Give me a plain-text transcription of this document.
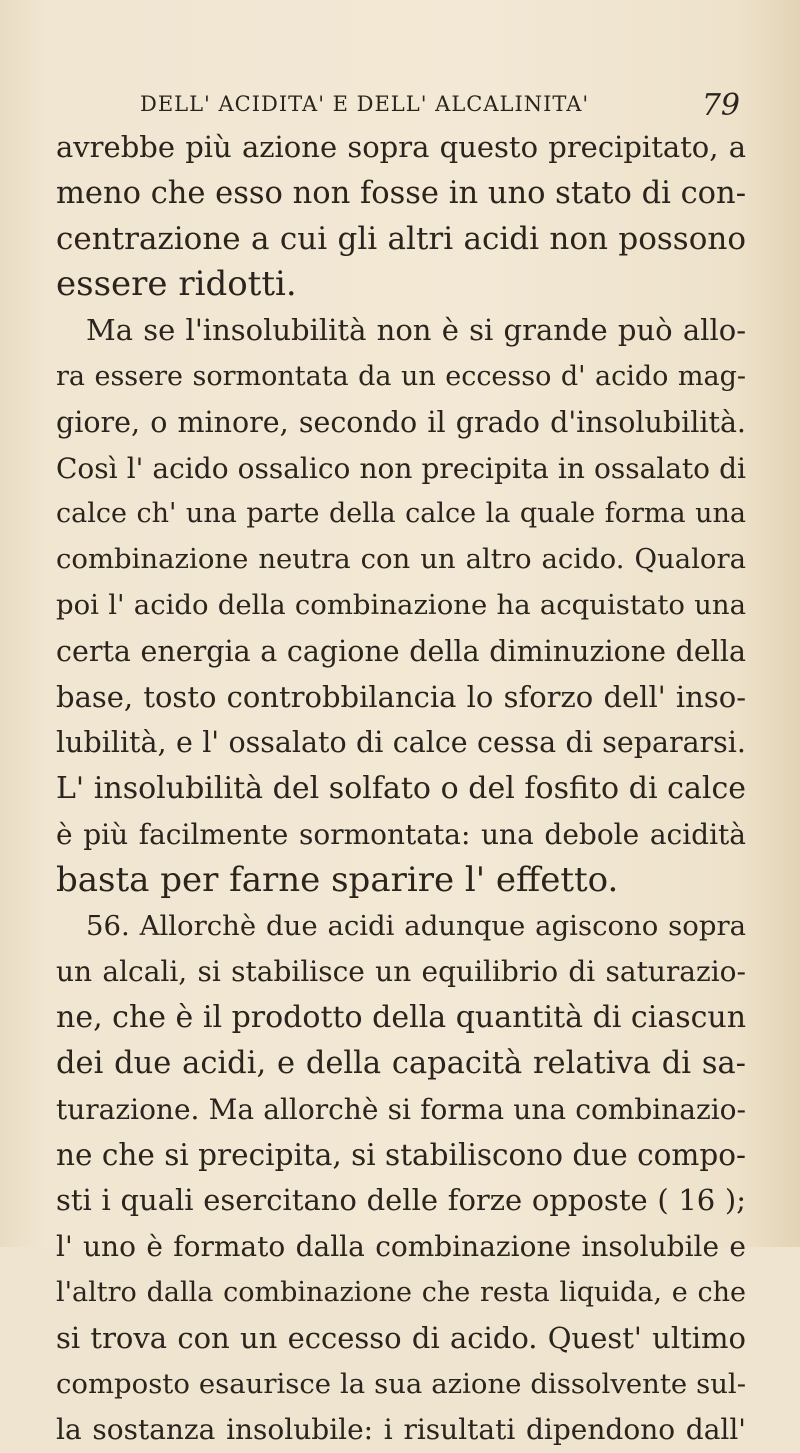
DELL' ACIDITA' E DELL' ALCALINITA'	79
avrebbe più azione sopra questo precipitato, a
meno che esso non fosse in uno stato di con-
centrazione a cui gli altri acidi non possono
essere ridotti.
Ma se l'insolubilità non è si grande può allo-
ra essere sormontata da un eccesso d' acido mag-
giore, o minore, secondo il grado d'insolubilità.
Così l' acido ossalico non precipita in ossalato di
calce ch' una parte della calce la quale forma una
combinazione neutra con un altro acido. Qualora
poi l' acido della combinazione ha acquistato una
certa energia a cagione della diminuzione della
base, tosto controbbilancia lo sforzo dell' inso-
lubilità, e l' ossalato di calce cessa di separarsi.
L' insolubilità del solfato o del fosfito di calce
è più facilmente sormontata: una debole acidità
basta per farne sparire l' effetto.
56. Allorchè due acidi adunque agiscono sopra
un alcali, si stabilisce un equilibrio di saturazio-
ne, che è il prodotto della quantità di ciascun
dei due acidi, e della capacità relativa di sa-
turazione. Ma allorchè si forma una combinazio-
ne che si precipita, si stabiliscono due compo-
sti i quali esercitano delle forze opposte ( 16 );
l' uno è formato dalla combinazione insolubile e
l'altro dalla combinazione che resta liquida, e che
si trova con un eccesso di acido. Quest' ultimo
composto esaurisce la sua azione dissolvente sul-
la sostanza insolubile: i risultati dipendono dall'
